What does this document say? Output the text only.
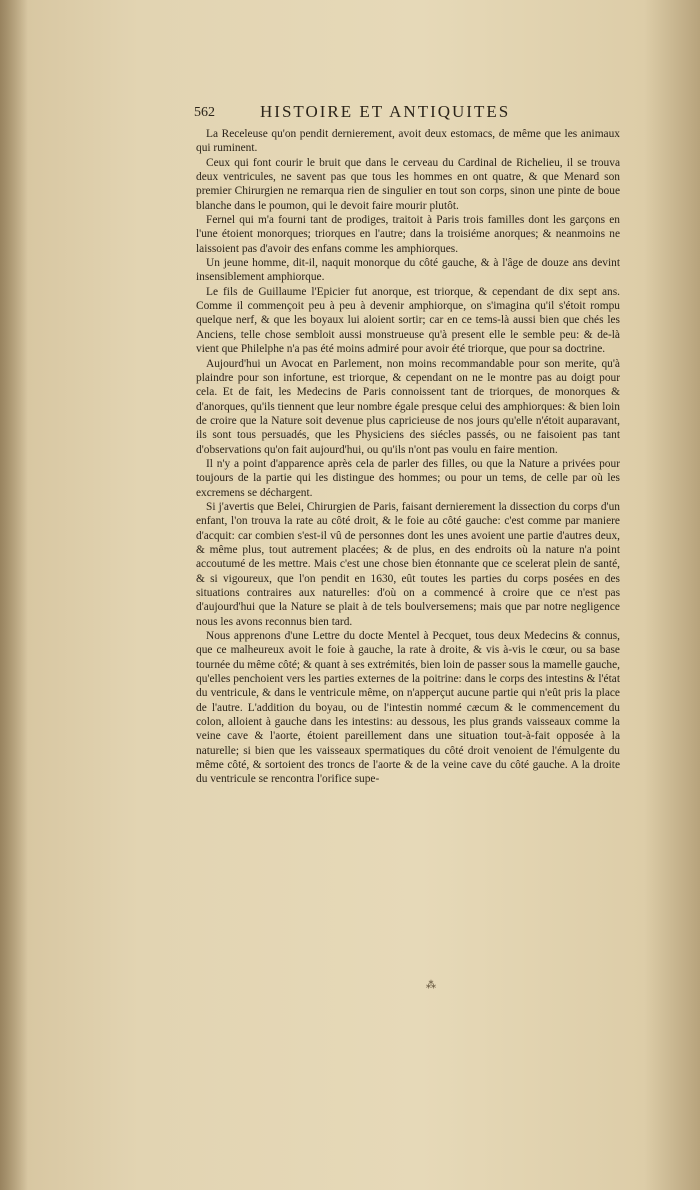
562	HISTOIRE ET ANTIQUITES

La Receleuse qu'on pendit dernierement, avoit deux estomacs, de même que les animaux qui ruminent.

Ceux qui font courir le bruit que dans le cerveau du Cardinal de Richelieu, il se trouva deux ventricules, ne savent pas que tous les hommes en ont quatre, & que Menard son premier Chirurgien ne remarqua rien de singulier en tout son corps, sinon une pinte de boue blanche dans le poumon, qui le devoit faire mourir plutôt.

Fernel qui m'a fourni tant de prodiges, traitoit à Paris trois familles dont les garçons en l'une étoient monorques; triorques en l'autre; dans la troisiéme anorques; & neanmoins ne laissoient pas d'avoir des enfans comme les amphiorques.

Un jeune homme, dit-il, naquit monorque du côté gauche, & à l'âge de douze ans devint insensiblement amphiorque.

Le fils de Guillaume l'Epicier fut anorque, est triorque, & cependant de dix sept ans. Comme il commençoit peu à peu à devenir amphiorque, on s'imagina qu'il s'étoit rompu quelque nerf, & que les boyaux lui aloient sortir; car en ce tems-là aussi bien que chés les Anciens, telle chose sembloit aussi monstrueuse qu'à present elle le semble peu: & de-là vient que Philelphe n'a pas été moins admiré pour avoir été triorque, que pour sa doctrine.

Aujourd'hui un Avocat en Parlement, non moins recommandable pour son merite, qu'à plaindre pour son infortune, est triorque, & cependant on ne le montre pas au doigt pour cela. Et de fait, les Medecins de Paris connoissent tant de triorques, de monorques & d'anorques, qu'ils tiennent que leur nombre égale presque celui des amphiorques: & bien loin de croire que la Nature soit devenue plus capricieuse de nos jours qu'elle n'étoit auparavant, ils sont tous persuadés, que les Physiciens des siécles passés, ou ne faisoient pas tant d'observations qu'on fait aujourd'hui, ou qu'ils n'ont pas voulu en faire mention.

Il n'y a point d'apparence après cela de parler des filles, ou que la Nature a privées pour toujours de la partie qui les distingue des hommes; ou pour un tems, de celle par où les excremens se déchargent.

Si j'avertis que Belei, Chirurgien de Paris, faisant dernierement la dissection du corps d'un enfant, l'on trouva la rate au côté droit, & le foie au côté gauche: c'est comme par maniere d'acquit: car combien s'est-il vû de personnes dont les unes avoient une partie d'autres deux, & même plus, tout autrement placées; & de plus, en des endroits où la nature n'a point accoutumé de les mettre. Mais c'est une chose bien étonnante que ce scelerat plein de santé, & si vigoureux, que l'on pendit en 1630, eût toutes les parties du corps posées en des situations contraires aux naturelles: d'où on a commencé à croire que ce n'est pas d'aujourd'hui que la Nature se plait à de tels boulversemens; mais que par notre negligence nous les avons reconnus bien tard.

Nous apprenons d'une Lettre du docte Mentel à Pecquet, tous deux Medecins & connus, que ce malheureux avoit le foie à gauche, la rate à droite, & vis à-vis le cœur, ou sa base tournée du même côté; & quant à ses extrémités, bien loin de passer sous la mamelle gauche, qu'elles penchoient vers les parties externes de la poitrine: dans le corps des intestins & l'état du ventricule, & dans le ventricule même, on n'apperçut aucune partie qui n'eût pris la place de l'autre. L'addition du boyau, ou de l'intestin nommé cæcum & le commencement du colon, alloient à gauche dans les intestins: au dessous, les plus grands vaisseaux comme la veine cave & l'aorte, étoient pareillement dans une situation tout-à-fait opposée à la naturelle; si bien que les vaisseaux spermatiques du côté droit venoient de l'émulgente du même côté, & sortoient des troncs de l'aorte & de la veine cave du côté gauche. A la droite du ventricule se rencontra l'orifice supe-

⁂
